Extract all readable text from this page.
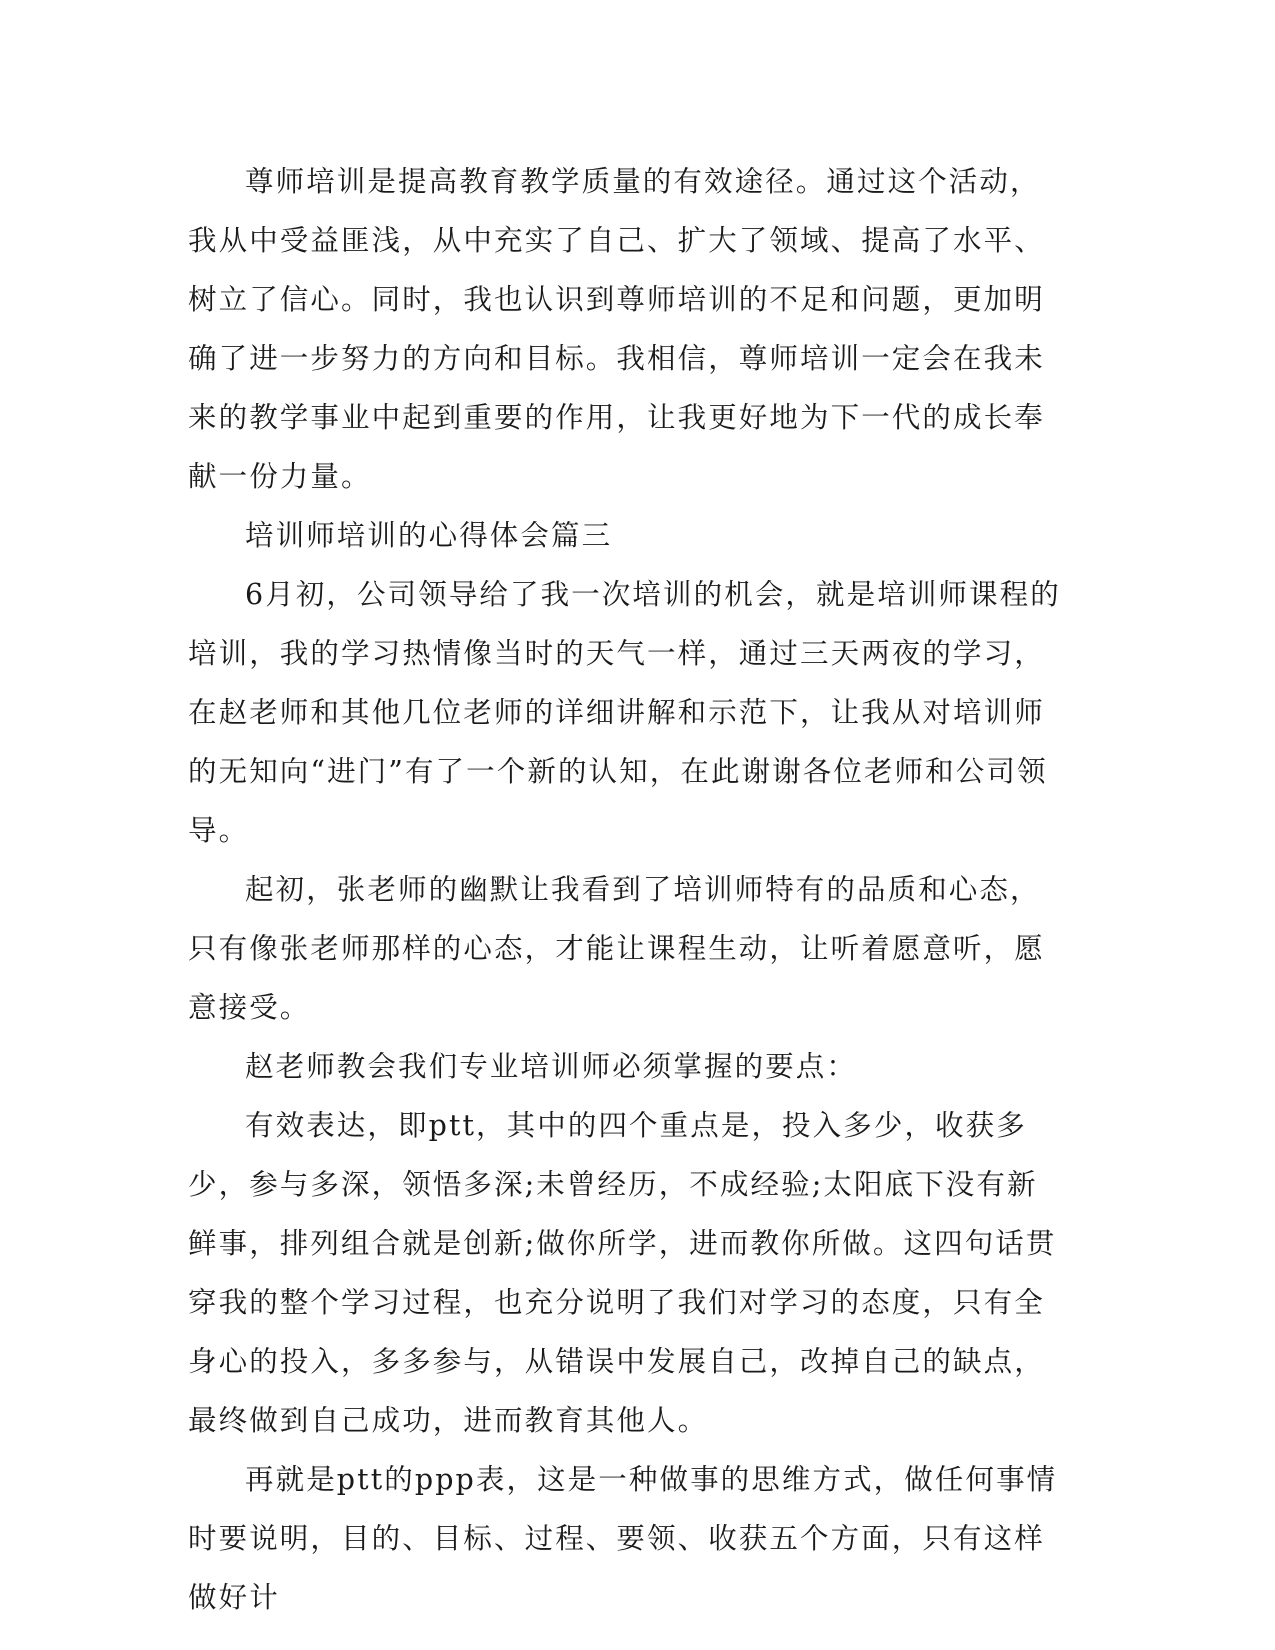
尊师培训是提高教育教学质量的有效途径。通过这个活动，我从中受益匪浅，从中充实了自己、扩大了领域、提高了水平、树立了信心。同时，我也认识到尊师培训的不足和问题，更加明确了进一步努力的方向和目标。我相信，尊师培训一定会在我未来的教学事业中起到重要的作用，让我更好地为下一代的成长奉献一份力量。

培训师培训的心得体会篇三

6月初，公司领导给了我一次培训的机会，就是培训师课程的培训，我的学习热情像当时的天气一样，通过三天两夜的学习，在赵老师和其他几位老师的详细讲解和示范下，让我从对培训师的无知向“进门”有了一个新的认知，在此谢谢各位老师和公司领导。

起初，张老师的幽默让我看到了培训师特有的品质和心态，只有像张老师那样的心态，才能让课程生动，让听着愿意听，愿意接受。

赵老师教会我们专业培训师必须掌握的要点：

有效表达，即ptt，其中的四个重点是，投入多少，收获多少，参与多深，领悟多深;未曾经历，不成经验;太阳底下没有新鲜事，排列组合就是创新;做你所学，进而教你所做。这四句话贯穿我的整个学习过程，也充分说明了我们对学习的态度，只有全身心的投入，多多参与，从错误中发展自己，改掉自己的缺点，最终做到自己成功，进而教育其他人。

再就是ptt的ppp表，这是一种做事的思维方式，做任何事情时要说明，目的、目标、过程、要领、收获五个方面，只有这样做好计
